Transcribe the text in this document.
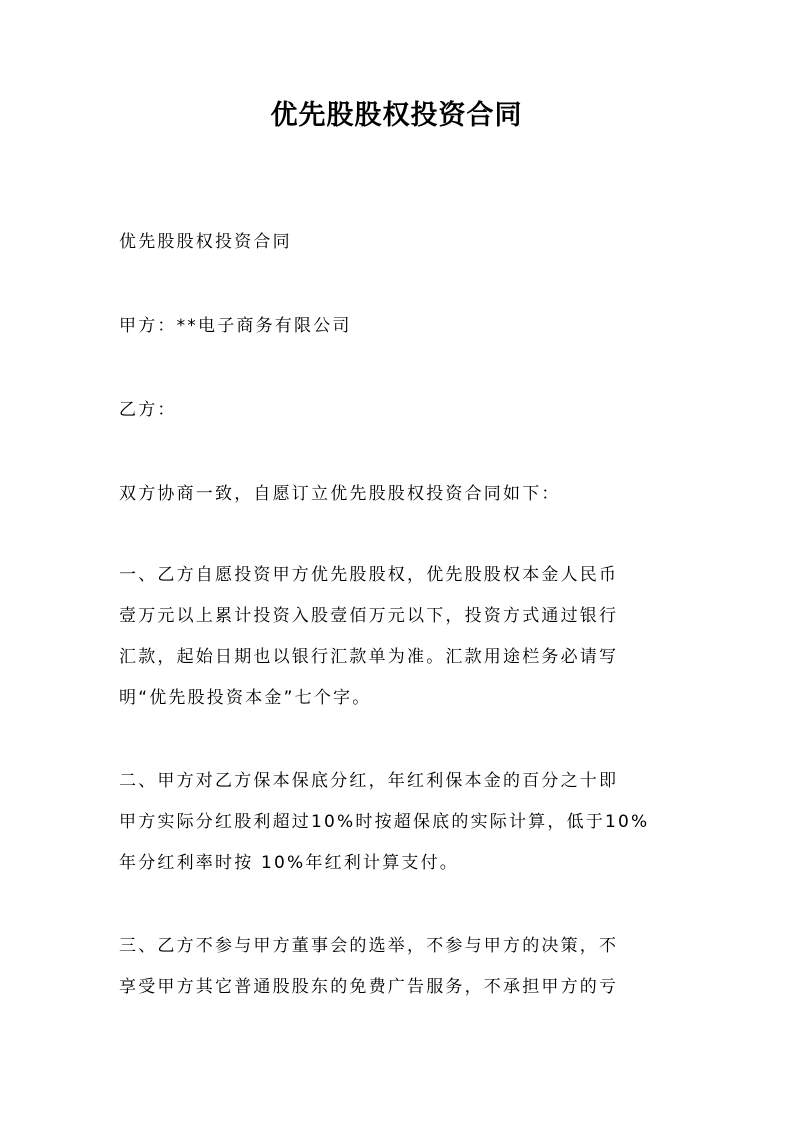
优先股股权投资合同

优先股股权投资合同

甲方：**电子商务有限公司

乙方：

双方协商一致，自愿订立优先股股权投资合同如下：

一、乙方自愿投资甲方优先股股权，优先股股权本金人民币
壹万元以上累计投资入股壹佰万元以下，投资方式通过银行
汇款，起始日期也以银行汇款单为准。汇款用途栏务必请写
明“优先股投资本金”七个字。

二、甲方对乙方保本保底分红，年红利保本金的百分之十即
甲方实际分红股利超过10%时按超保底的实际计算，低于10%
年分红利率时按 10%年红利计算支付。

三、乙方不参与甲方董事会的选举，不参与甲方的决策，不
享受甲方其它普通股股东的免费广告服务，不承担甲方的亏
